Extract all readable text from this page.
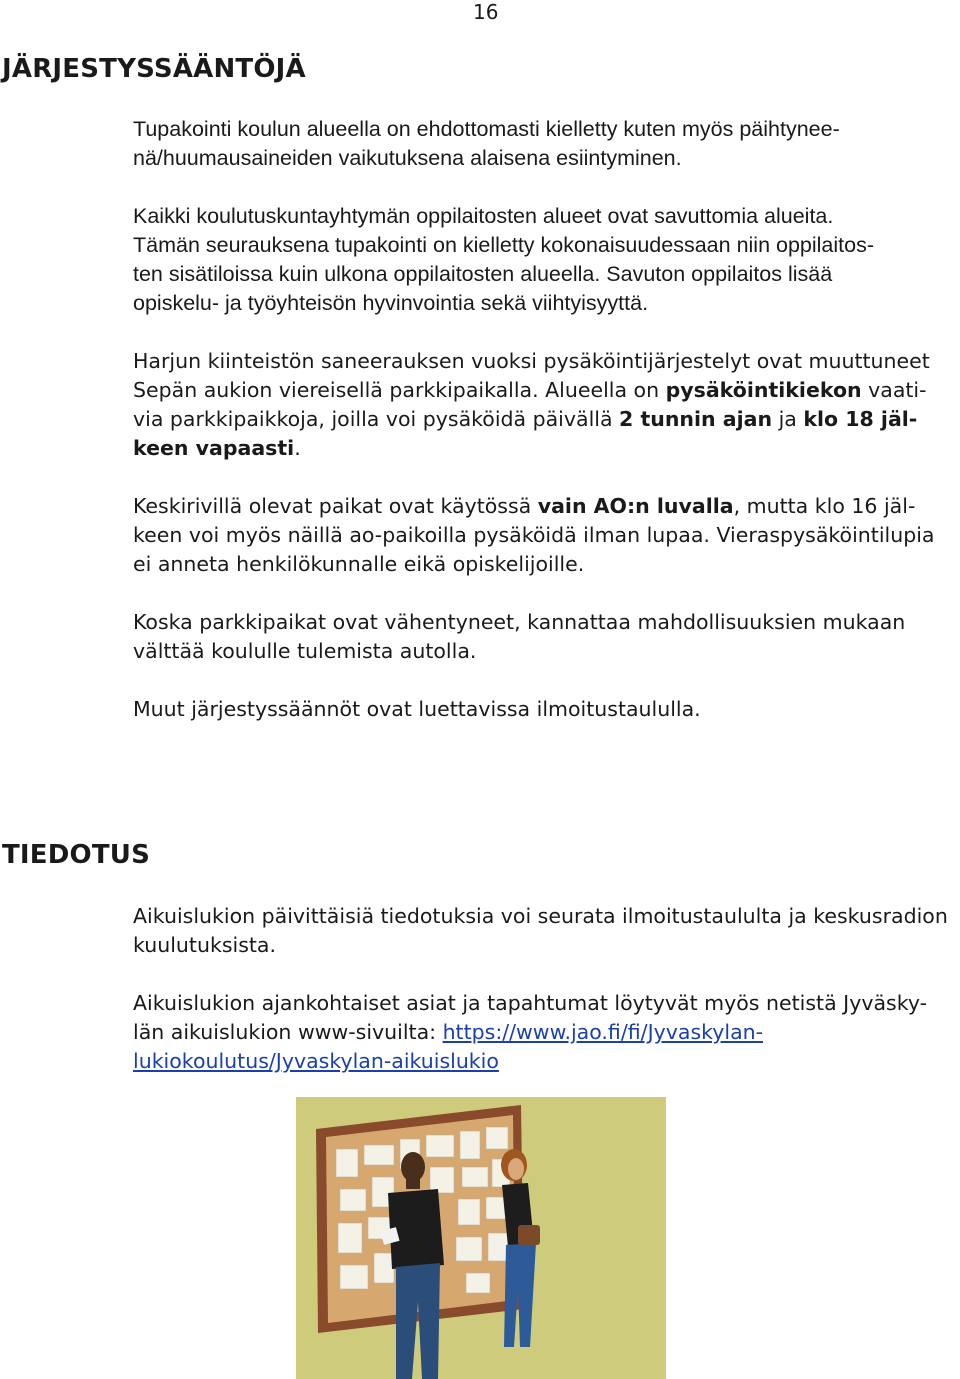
16
JÄRJESTYSSÄÄNTÖJÄ

Tupakointi koulun alueella on ehdottomasti kielletty kuten myös päihtynee-
nä/huumausaineiden vaikutuksena alaisena esiintyminen.

Kaikki koulutuskuntayhtymän oppilaitosten alueet ovat savuttomia alueita.
Tämän seurauksena tupakointi on kielletty kokonaisuudessaan niin oppilaitos-
ten sisätiloissa kuin ulkona oppilaitosten alueella. Savuton oppilaitos lisää
opiskelu- ja työyhteisön hyvinvointia sekä viihtyisyyttä.

Harjun kiinteistön saneerauksen vuoksi pysäköintijärjestelyt ovat muuttuneet
Sepän aukion viereisellä parkkipaikalla. Alueella on pysäköintikiekon vaati-
via parkkipaikkoja, joilla voi pysäköidä päivällä 2 tunnin ajan ja klo 18 jäl-
keen vapaasti.

Keskirivillä olevat paikat ovat käytössä vain AO:n luvalla, mutta klo 16 jäl-
keen voi myös näillä ao-paikoilla pysäköidä ilman lupaa. Vieraspysäköintilupia
ei anneta henkilökunnalle eikä opiskelijoille.

Koska parkkipaikat ovat vähentyneet, kannattaa mahdollisuuksien mukaan
välttää koululle tulemista autolla.

Muut järjestyssäännöt ovat luettavissa ilmoitustaululla.

TIEDOTUS

Aikuislukion päivittäisiä tiedotuksia voi seurata ilmoitustaululta ja keskusradion
kuulutuksista.

Aikuislukion ajankohtaiset asiat ja tapahtumat löytyvät myös netistä Jyväsky-
län aikuislukion www-sivuilta: https://www.jao.fi/fi/Jyvaskylan-
lukiokoulutus/Jyvaskylan-aikuislukio
